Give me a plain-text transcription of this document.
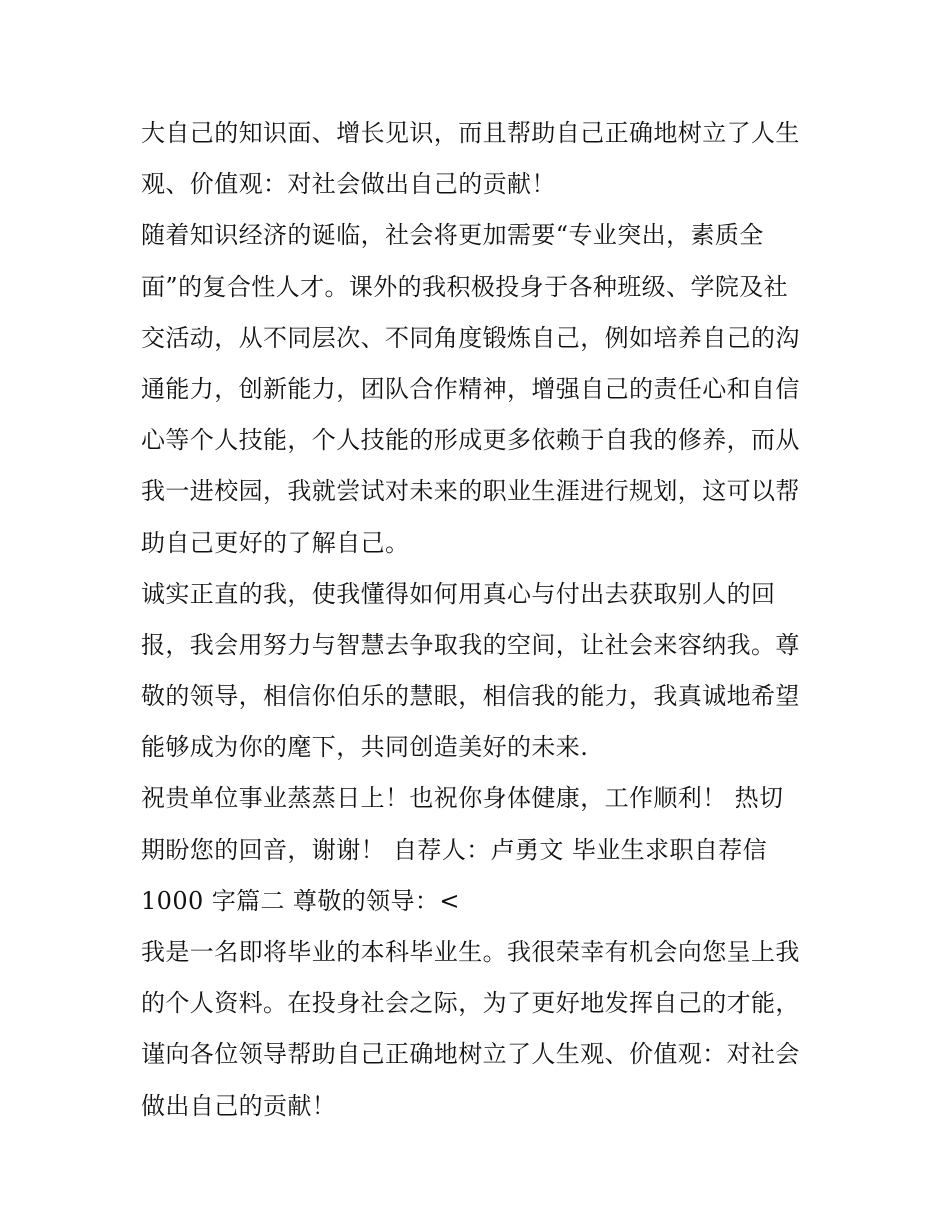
大自己的知识面、增长见识，而且帮助自己正确地树立了人生
观、价值观：对社会做出自己的贡献！
随着知识经济的诞临，社会将更加需要“专业突出，素质全
面”的复合性人才。课外的我积极投身于各种班级、学院及社
交活动，从不同层次、不同角度锻炼自己，例如培养自己的沟
通能力，创新能力，团队合作精神，增强自己的责任心和自信
心等个人技能，个人技能的形成更多依赖于自我的修养，而从
我一进校园，我就尝试对未来的职业生涯进行规划，这可以帮
助自己更好的了解自己。
诚实正直的我，使我懂得如何用真心与付出去获取别人的回
报，我会用努力与智慧去争取我的空间，让社会来容纳我。尊
敬的领导，相信你伯乐的慧眼，相信我的能力，我真诚地希望
能够成为你的麾下，共同创造美好的未来.
祝贵单位事业蒸蒸日上！也祝你身体健康，工作顺利！ 热切
期盼您的回音，谢谢！ 自荐人：卢勇文 毕业生求职自荐信
1000 字篇二 尊敬的领导：<
我是一名即将毕业的本科毕业生。我很荣幸有机会向您呈上我
的个人资料。在投身社会之际，为了更好地发挥自己的才能，
谨向各位领导帮助自己正确地树立了人生观、价值观：对社会
做出自己的贡献！
